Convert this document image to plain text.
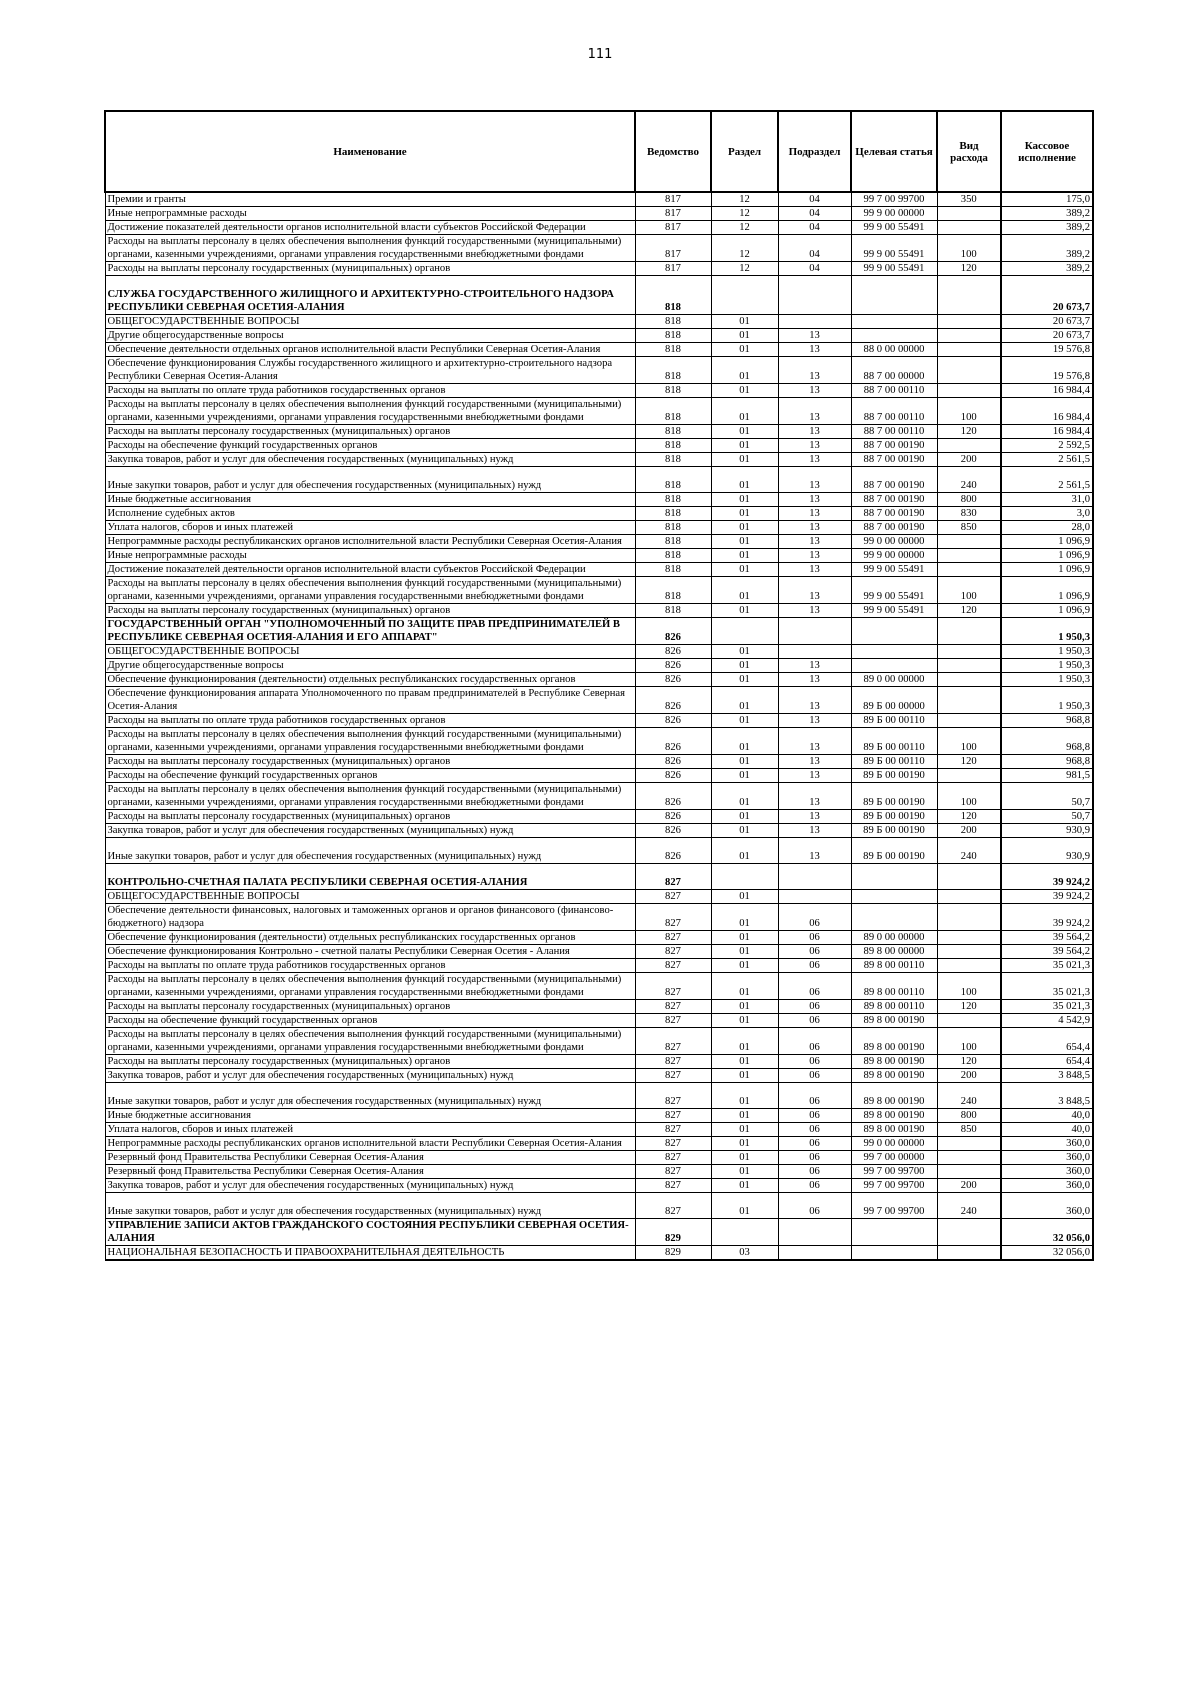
111
Наименование	Ведомство	Раздел	Подраздел	Целевая статья	Вид расхода	Кассовое исполнение
Премии и гранты	817	12	04	99 7 00 99700	350	175,0
Иные непрограммные расходы	817	12	04	99 9 00 00000		389,2
Достижение показателей деятельности органов исполнительной власти субъектов Российской Федерации	817	12	04	99 9 00 55491		389,2
Расходы на выплаты персоналу в целях обеспечения выполнения функций государственными (муниципальными) органами, казенными учреждениями, органами управления государственными внебюджетными фондами	817	12	04	99 9 00 55491	100	389,2
Расходы на выплаты персоналу государственных (муниципальных) органов	817	12	04	99 9 00 55491	120	389,2
СЛУЖБА ГОСУДАРСТВЕННОГО ЖИЛИЩНОГО И АРХИТЕКТУРНО-СТРОИТЕЛЬНОГО НАДЗОРА РЕСПУБЛИКИ СЕВЕРНАЯ ОСЕТИЯ-АЛАНИЯ	818					20 673,7
ОБЩЕГОСУДАРСТВЕННЫЕ ВОПРОСЫ	818	01				20 673,7
Другие общегосударственные вопросы	818	01	13			20 673,7
Обеспечение деятельности отдельных органов исполнительной власти Республики Северная Осетия-Алания	818	01	13	88 0 00 00000		19 576,8
Обеспечение функционирования Службы государственного жилищного и архитектурно-строительного надзора Республики Северная Осетия-Алания	818	01	13	88 7 00 00000		19 576,8
Расходы на выплаты по оплате труда работников государственных органов	818	01	13	88 7 00 00110		16 984,4
Расходы на выплаты персоналу в целях обеспечения выполнения функций государственными (муниципальными) органами, казенными учреждениями, органами управления государственными внебюджетными фондами	818	01	13	88 7 00 00110	100	16 984,4
Расходы на выплаты персоналу государственных (муниципальных) органов	818	01	13	88 7 00 00110	120	16 984,4
Расходы на обеспечение функций государственных органов	818	01	13	88 7 00 00190		2 592,5
Закупка товаров, работ и услуг для обеспечения государственных (муниципальных) нужд	818	01	13	88 7 00 00190	200	2 561,5
Иные закупки товаров, работ и услуг для обеспечения государственных (муниципальных) нужд	818	01	13	88 7 00 00190	240	2 561,5
Иные бюджетные ассигнования	818	01	13	88 7 00 00190	800	31,0
Исполнение судебных актов	818	01	13	88 7 00 00190	830	3,0
Уплата налогов, сборов и иных платежей	818	01	13	88 7 00 00190	850	28,0
Непрограммные расходы республиканских органов исполнительной власти Республики Северная Осетия-Алания	818	01	13	99 0 00 00000		1 096,9
Иные непрограммные расходы	818	01	13	99 9 00 00000		1 096,9
Достижение показателей деятельности органов исполнительной власти субъектов Российской Федерации	818	01	13	99 9 00 55491		1 096,9
Расходы на выплаты персоналу в целях обеспечения выполнения функций государственными (муниципальными) органами, казенными учреждениями, органами управления государственными внебюджетными фондами	818	01	13	99 9 00 55491	100	1 096,9
Расходы на выплаты персоналу государственных (муниципальных) органов	818	01	13	99 9 00 55491	120	1 096,9
ГОСУДАРСТВЕННЫЙ ОРГАН "УПОЛНОМОЧЕННЫЙ ПО ЗАЩИТЕ ПРАВ ПРЕДПРИНИМАТЕЛЕЙ В РЕСПУБЛИКЕ СЕВЕРНАЯ ОСЕТИЯ-АЛАНИЯ И ЕГО АППАРАТ"	826					1 950,3
ОБЩЕГОСУДАРСТВЕННЫЕ ВОПРОСЫ	826	01				1 950,3
Другие общегосударственные вопросы	826	01	13			1 950,3
Обеспечение функционирования (деятельности) отдельных республиканских государственных органов	826	01	13	89 0 00 00000		1 950,3
Обеспечение функционирования аппарата Уполномоченного по правам предпринимателей в Республике Северная Осетия-Алания	826	01	13	89 Б 00 00000		1 950,3
Расходы на выплаты по оплате труда работников государственных органов	826	01	13	89 Б 00 00110		968,8
Расходы на выплаты персоналу в целях обеспечения выполнения функций государственными (муниципальными) органами, казенными учреждениями, органами управления государственными внебюджетными фондами	826	01	13	89 Б 00 00110	100	968,8
Расходы на выплаты персоналу государственных (муниципальных) органов	826	01	13	89 Б 00 00110	120	968,8
Расходы на обеспечение функций государственных органов	826	01	13	89 Б 00 00190		981,5
Расходы на выплаты персоналу в целях обеспечения выполнения функций государственными (муниципальными) органами, казенными учреждениями, органами управления государственными внебюджетными фондами	826	01	13	89 Б 00 00190	100	50,7
Расходы на выплаты персоналу государственных (муниципальных) органов	826	01	13	89 Б 00 00190	120	50,7
Закупка товаров, работ и услуг для обеспечения государственных (муниципальных) нужд	826	01	13	89 Б 00 00190	200	930,9
Иные закупки товаров, работ и услуг для обеспечения государственных (муниципальных) нужд	826	01	13	89 Б 00 00190	240	930,9
КОНТРОЛЬНО-СЧЕТНАЯ ПАЛАТА РЕСПУБЛИКИ СЕВЕРНАЯ ОСЕТИЯ-АЛАНИЯ	827					39 924,2
ОБЩЕГОСУДАРСТВЕННЫЕ ВОПРОСЫ	827	01				39 924,2
Обеспечение деятельности финансовых, налоговых и таможенных органов и органов финансового (финансово-бюджетного) надзора	827	01	06			39 924,2
Обеспечение функционирования (деятельности) отдельных республиканских государственных органов	827	01	06	89 0 00 00000		39 564,2
Обеспечение функционирования Контрольно - счетной палаты Республики Северная Осетия - Алания	827	01	06	89 8 00 00000		39 564,2
Расходы на выплаты по оплате труда работников государственных органов	827	01	06	89 8 00 00110		35 021,3
Расходы на выплаты персоналу в целях обеспечения выполнения функций государственными (муниципальными) органами, казенными учреждениями, органами управления государственными внебюджетными фондами	827	01	06	89 8 00 00110	100	35 021,3
Расходы на выплаты персоналу государственных (муниципальных) органов	827	01	06	89 8 00 00110	120	35 021,3
Расходы на обеспечение функций государственных органов	827	01	06	89 8 00 00190		4 542,9
Расходы на выплаты персоналу в целях обеспечения выполнения функций государственными (муниципальными) органами, казенными учреждениями, органами управления государственными внебюджетными фондами	827	01	06	89 8 00 00190	100	654,4
Расходы на выплаты персоналу государственных (муниципальных) органов	827	01	06	89 8 00 00190	120	654,4
Закупка товаров, работ и услуг для обеспечения государственных (муниципальных) нужд	827	01	06	89 8 00 00190	200	3 848,5
Иные закупки товаров, работ и услуг для обеспечения государственных (муниципальных) нужд	827	01	06	89 8 00 00190	240	3 848,5
Иные бюджетные ассигнования	827	01	06	89 8 00 00190	800	40,0
Уплата налогов, сборов и иных платежей	827	01	06	89 8 00 00190	850	40,0
Непрограммные расходы республиканских органов исполнительной власти Республики Северная Осетия-Алания	827	01	06	99 0 00 00000		360,0
Резервный фонд Правительства Республики Северная Осетия-Алания	827	01	06	99 7 00 00000		360,0
Резервный фонд Правительства Республики Северная Осетия-Алания	827	01	06	99 7 00 99700		360,0
Закупка товаров, работ и услуг для обеспечения государственных (муниципальных) нужд	827	01	06	99 7 00 99700	200	360,0
Иные закупки товаров, работ и услуг для обеспечения государственных (муниципальных) нужд	827	01	06	99 7 00 99700	240	360,0
УПРАВЛЕНИЕ ЗАПИСИ АКТОВ ГРАЖДАНСКОГО СОСТОЯНИЯ РЕСПУБЛИКИ СЕВЕРНАЯ ОСЕТИЯ-АЛАНИЯ	829					32 056,0
НАЦИОНАЛЬНАЯ БЕЗОПАСНОСТЬ И ПРАВООХРАНИТЕЛЬНАЯ ДЕЯТЕЛЬНОСТЬ	829	03				32 056,0
